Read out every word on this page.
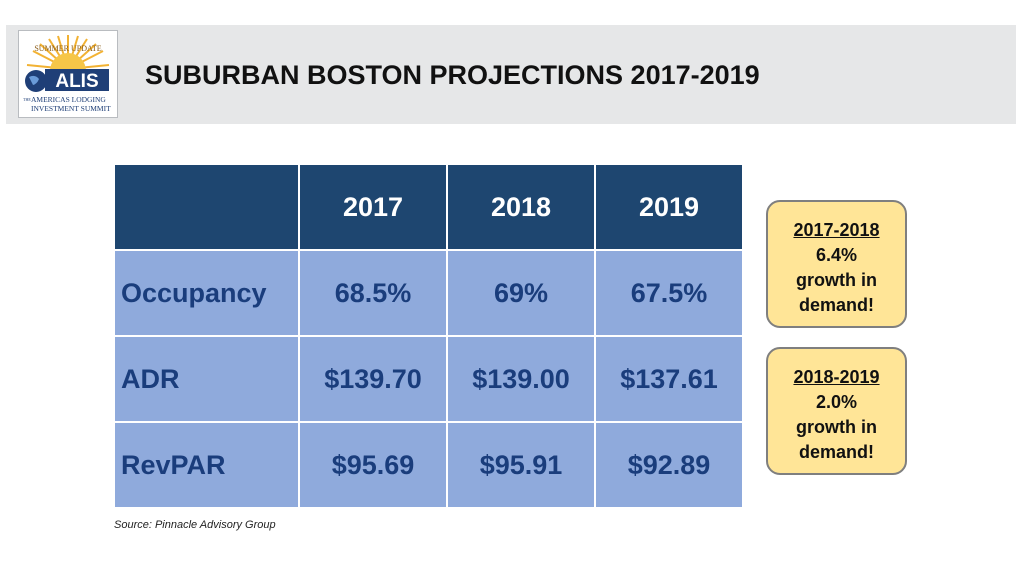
SUMMER UPDATE
ALIS
THE AMERICAS LODGING
INVESTMENT SUMMIT
SUBURBAN BOSTON PROJECTIONS 2017-2019
	2017	2018	2019
Occupancy	68.5%	69%	67.5%
ADR	$139.70	$139.00	$137.61
RevPAR	$95.69	$95.91	$92.89
2017-2018
6.4%
growth in
demand!
2018-2019
2.0%
growth in
demand!
Source: Pinnacle Advisory Group
